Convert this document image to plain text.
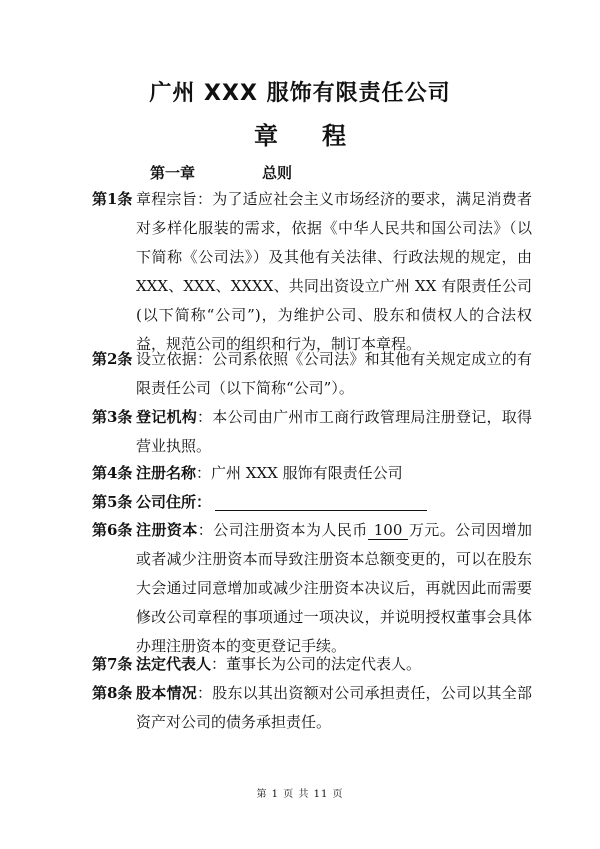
广州 XXX 服饰有限责任公司
章程
第一章	总则
第1条 章程宗旨：为了适应社会主义市场经济的要求，满足消费者对多样化服装的需求，依据《中华人民共和国公司法》（以下简称《公司法》）及其他有关法律、行政法规的规定，由 XXX、XXX、XXXX、共同出资设立广州 XX 有限责任公司(以下简称“公司”)，为维护公司、股东和债权人的合法权益，规范公司的组织和行为，制订本章程。
第2条 设立依据：公司系依照《公司法》和其他有关规定成立的有限责任公司（以下简称“公司”）。
第3条 登记机构：本公司由广州市工商行政管理局注册登记，取得营业执照。
第4条 注册名称：广州 XXX 服饰有限责任公司
第5条 公司住所：
第6条 注册资本：公司注册资本为人民币 100 万元。公司因增加或者减少注册资本而导致注册资本总额变更的，可以在股东大会通过同意增加或减少注册资本决议后，再就因此而需要修改公司章程的事项通过一项决议，并说明授权董事会具体办理注册资本的变更登记手续。
第7条 法定代表人：董事长为公司的法定代表人。
第8条 股本情况：股东以其出资额对公司承担责任，公司以其全部资产对公司的债务承担责任。
第 1 页 共 11 页
